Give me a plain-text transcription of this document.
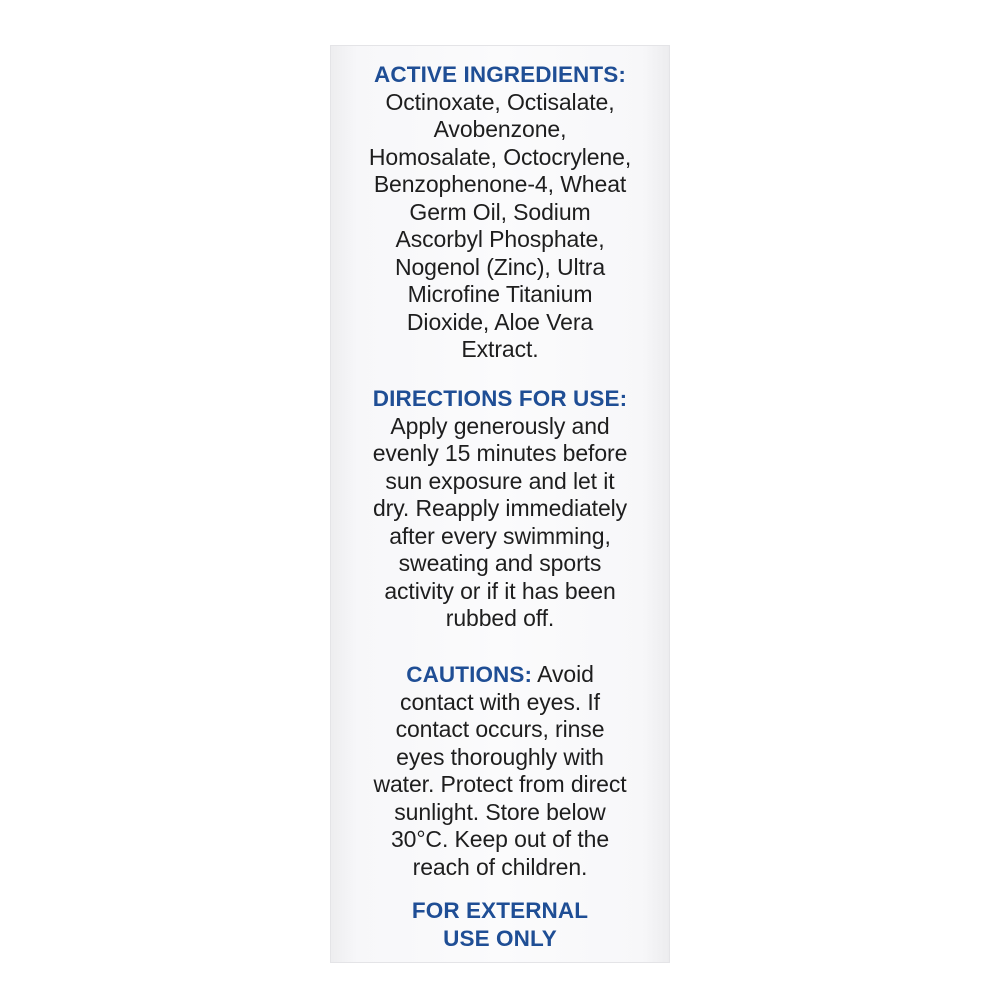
ACTIVE INGREDIENTS:
Octinoxate, Octisalate,
Avobenzone,
Homosalate, Octocrylene,
Benzophenone-4, Wheat
Germ Oil, Sodium
Ascorbyl Phosphate,
Nogenol (Zinc), Ultra
Microfine Titanium
Dioxide, Aloe Vera
Extract.
DIRECTIONS FOR USE:
Apply generously and
evenly 15 minutes before
sun exposure and let it
dry. Reapply immediately
after every swimming,
sweating and sports
activity or if it has been
rubbed off.
CAUTIONS: Avoid
contact with eyes. If
contact occurs, rinse
eyes thoroughly with
water. Protect from direct
sunlight. Store below
30°C. Keep out of the
reach of children.
FOR EXTERNAL
USE ONLY
